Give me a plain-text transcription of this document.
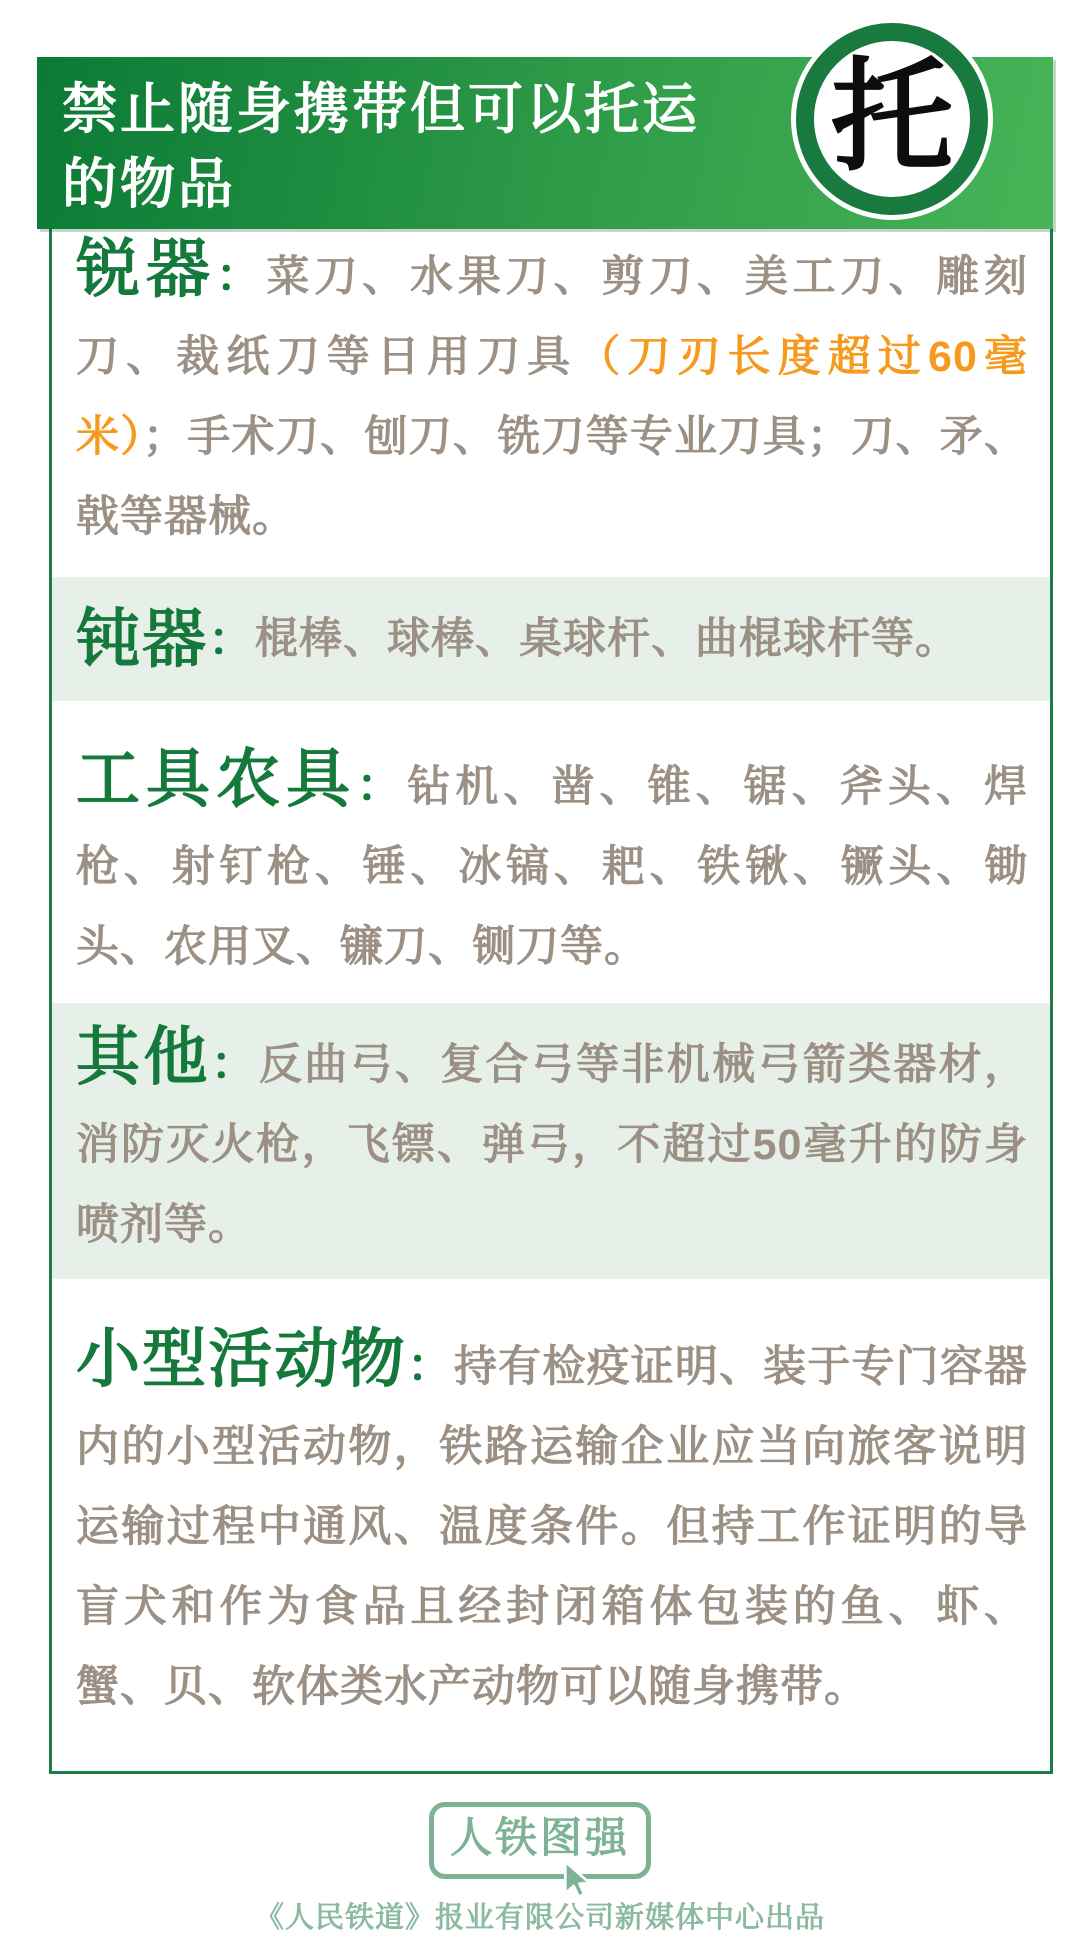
禁止随身携带但可以托运
的物品
锐器：菜刀、水果刀、剪刀、美工刀、雕刻刀、裁纸刀等日用刀具（刀刃长度超过60毫米）；手术刀、刨刀、铣刀等专业刀具；刀、矛、戟等器械。
钝器 ： 棍棒、球棒、桌球杆、曲棍球杆等。
工具农具：钻机、凿、锥、锯、斧头、焊枪、射钉枪、锤、冰镐、耙、铁锹、镢头、锄头、农用叉、镰刀、铡刀等。
其他：反曲弓、复合弓等非机械弓箭类器材，消防灭火枪，飞镖、弹弓，不超过50毫升的防身喷剂等。
小型活动物：持有检疫证明、装于专门容器内的小型活动物，铁路运输企业应当向旅客说明运输过程中通风、温度条件。但持工作证明的导盲犬和作为食品且经封闭箱体包装的鱼、虾、蟹、贝、软体类水产动物可以随身携带。
托
人铁图强
《人民铁道》报业有限公司新媒体中心出品
